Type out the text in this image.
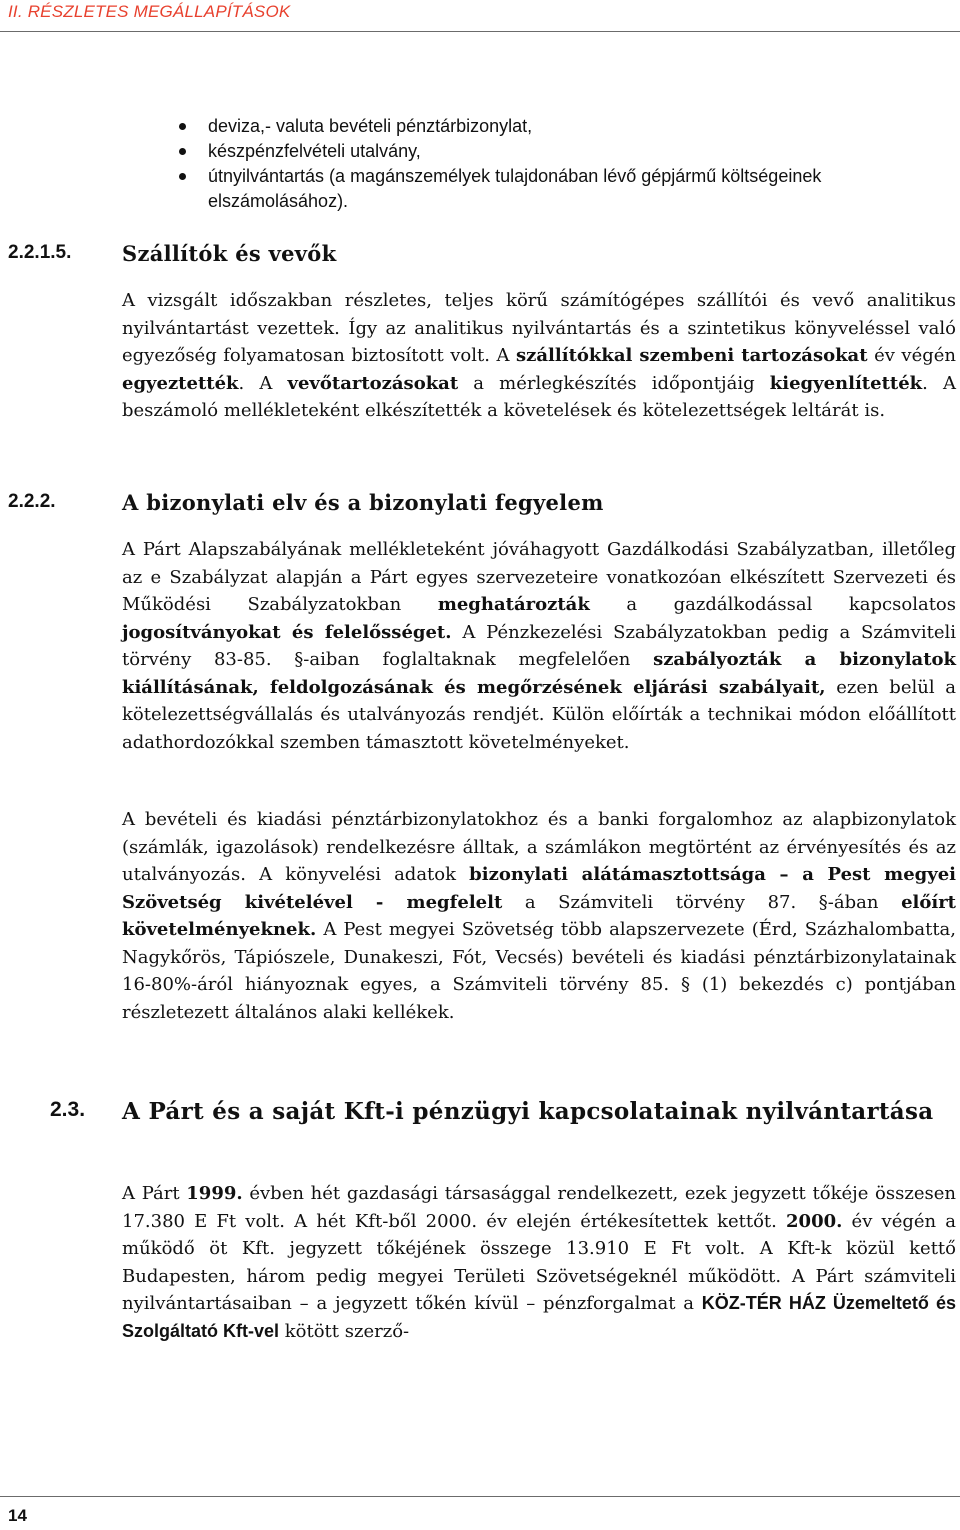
II. RÉSZLETES MEGÁLLAPÍTÁSOK
deviza,- valuta bevételi pénztárbizonylat,
készpénzfelvételi utalvány,
útnyilvántartás (a magánszemélyek tulajdonában lévő gépjármű költségeinek elszámolásához).
2.2.1.5. Szállítók és vevők

A vizsgált időszakban részletes, teljes körű számítógépes szállítói és vevő analitikus nyilvántartást vezettek. Így az analitikus nyilvántartás és a szintetikus könyveléssel való egyezőség folyamatosan biztosított volt. A szállítókkal szembeni tartozásokat év végén egyeztették. A vevőtartozásokat a mérlegkészítés időpontjáig kiegyenlítették. A beszámoló mellékleteként elkészítették a követelések és kötelezettségek leltárát is.

2.2.2.	A bizonylati elv és a bizonylati fegyelem

A Párt Alapszabályának mellékleteként jóváhagyott Gazdálkodási Szabályzatban, illetőleg az e Szabályzat alapján a Párt egyes szervezeteire vonatkozóan elkészített Szervezeti és Működési Szabályzatokban meghatározták a gazdálkodással kapcsolatos jogosítványokat és felelősséget. A Pénzkezelési Szabályzatokban pedig a Számviteli törvény 83-85. §-aiban foglaltaknak megfelelően szabályozták a bizonylatok kiállításának, feldolgozásának és megőrzésének eljárási szabályait, ezen belül a kötelezettségvállalás és utalványozás rendjét. Külön előírták a technikai módon előállított adathordozókkal szemben támasztott követelményeket.

A bevételi és kiadási pénztárbizonylatokhoz és a banki forgalomhoz az alapbizonylatok (számlák, igazolások) rendelkezésre álltak, a számlákon megtörtént az érvényesítés és az utalványozás. A könyvelési adatok bizonylati alátámasztottsága – a Pest megyei Szövetség kivételével - megfelelt a Számviteli törvény 87. §-ában előírt követelményeknek. A Pest megyei Szövetség több alapszervezete (Érd, Százhalombatta, Nagykőrös, Tápiószele, Dunakeszi, Fót, Vecsés) bevételi és kiadási pénztárbizonylatainak 16-80%-áról hiányoznak egyes, a Számviteli törvény 85. § (1) bekezdés c) pontjában részletezett általános alaki kellékek.

2.3. A Párt és a saját Kft-i pénzügyi kapcsolatainak nyilvántartása

A Párt 1999. évben hét gazdasági társasággal rendelkezett, ezek jegyzett tőkéje összesen 17.380 E Ft volt. A hét Kft-ből 2000. év elején értékesítettek kettőt. 2000. év végén a működő öt Kft. jegyzett tőkéjének összege 13.910 E Ft volt. A Kft-k közül kettő Budapesten, három pedig megyei Területi Szövetségeknél működött. A Párt számviteli nyilvántartásaiban – a jegyzett tőkén kívül – pénzforgalmat a KÖZ-TÉR HÁZ Üzemeltető és Szolgáltató Kft-vel kötött szerző-

14
